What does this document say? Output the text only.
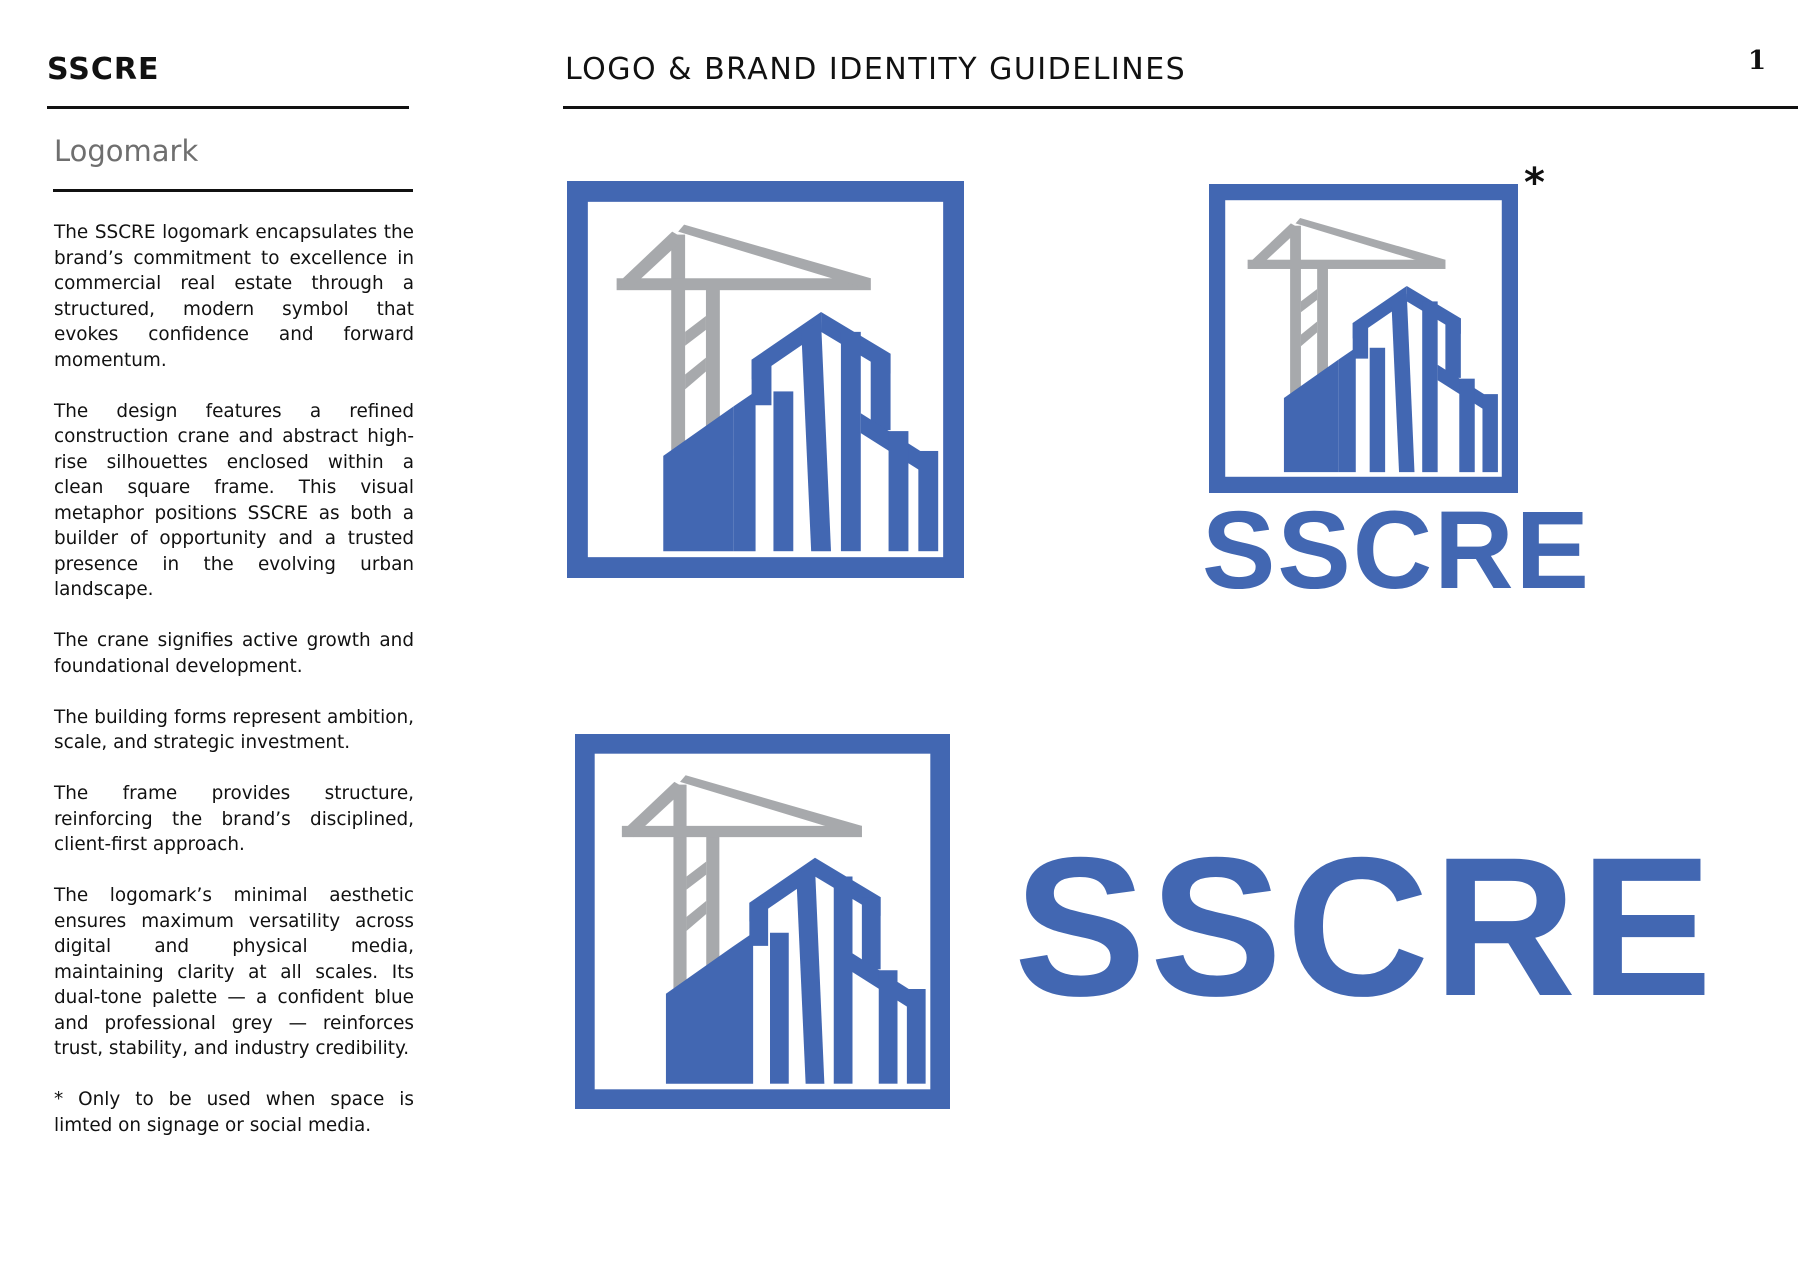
SSCRE	LOGO & BRAND IDENTITY GUIDELINES	1
Logomark

The SSCRE logomark encapsulates the brand’s commitment to excellence in commercial real estate through a structured, modern symbol that evokes confidence and forward momentum.

The design features a refined construction crane and abstract high-rise silhouettes enclosed within a clean square frame. This visual metaphor positions SSCRE as both a builder of opportunity and a trusted presence in the evolving urban landscape.

The crane signifies active growth and foundational development.

The building forms represent ambition, scale, and strategic investment.

The frame provides structure, reinforcing the brand’s disciplined, client-first approach.

The logomark’s minimal aesthetic ensures maximum versatility across digital and physical media, maintaining clarity at all scales. Its dual-tone palette — a confident blue and professional grey — reinforces trust, stability, and industry credibility.

* Only to be used when space is limted on signage or social media.

*
SSCRE
SSCRE
